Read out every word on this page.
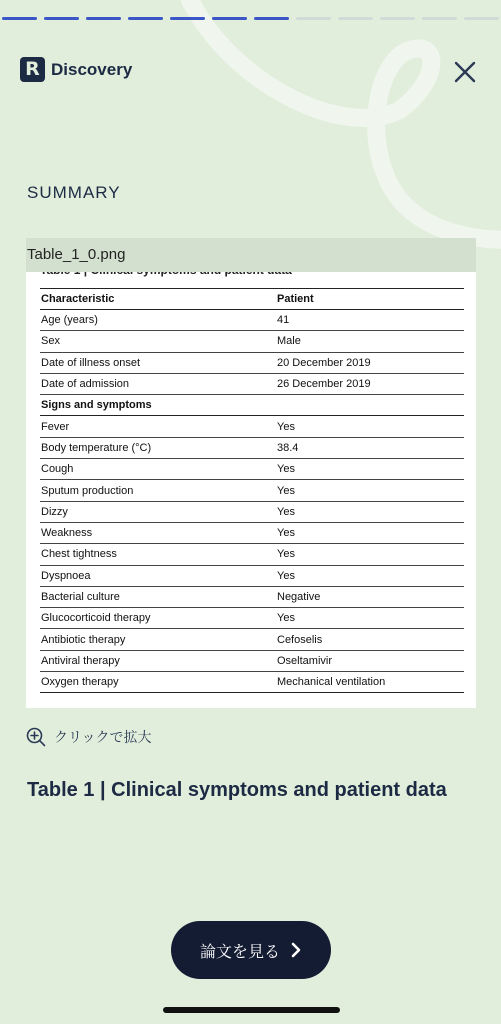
R Discovery
SUMMARY
Table_1_0.png
Characteristic	Patient
Age (years)	41
Sex	Male
Date of illness onset	20 December 2019
Date of admission	26 December 2019
Signs and symptoms
Fever	Yes
Body temperature (°C)	38.4
Cough	Yes
Sputum production	Yes
Dizzy	Yes
Weakness	Yes
Chest tightness	Yes
Dyspnoea	Yes
Bacterial culture	Negative
Glucocorticoid therapy	Yes
Antibiotic therapy	Cefoselis
Antiviral therapy	Oseltamivir
Oxygen therapy	Mechanical ventilation
クリックで拡大
Table 1 | Clinical symptoms and patient data
論文を見る
